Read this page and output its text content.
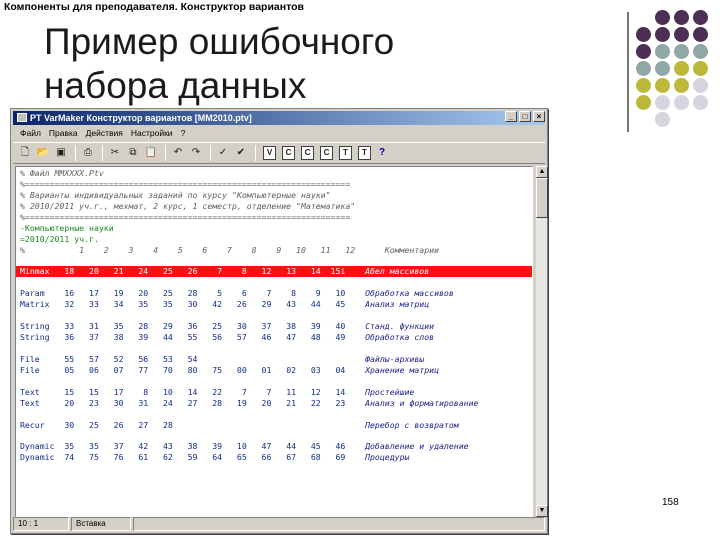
Компоненты для преподавателя. Конструктор вариантов
Пример ошибочного
набора данных
PT VarMaker Конструктор вариантов [MM2010.ptv]	_	□	×
Файл Правка Действия Настройки ?
🗋 📂 ▣	⎙	✂	⧉ 📋	↶ ↷	✓ ✔	V	C	C	C	T	T	?
% Файл MMXXXX.Ptv
%==================================================================
% Варианты индивидуальных заданий по курсу "Компьютерные науки"
% 2010/2011 уч.г., мехмат, 2 курс, 1 семестр, отделение "Математика"
%==================================================================
-Компьютерные науки
=2010/2011 уч.г.
%           1    2    3    4    5    6    7    8    9   10   11   12      Комментарии
Minmax   18   20   21   24   25   26    7    8   12   13   14  15i    Абел массивов

Param    16   17   19   20   25   28    5    6    7    8    9   10    Обработка массивов
Matrix   32   33   34   35   35   30   42   26   29   43   44   45    Анализ матриц

String   33   31   35   28   29   36   25   30   37   38   39   40    Станд. функции
String   36   37   38   39   44   55   56   57   46   47   48   49    Обработка слов

File     55   57   52   56   53   54                                  Файлы-архивы
File     05   06   07   77   70   80   75   00   01   02   03   04    Хранение матриц

Text     15   15   17    8   10   14   22    7    7   11   12   14    Простейшие
Text     20   23   30   31   24   27   28   19   20   21   22   23    Анализ и форматирование

Recur    30   25   26   27   28                                       Перебор с возвратом

Dynamic  35   35   37   42   43   38   39   10   47   44   45   46    Добавление и удаление
Dynamic  74   75   76   61   62   59   64   65   66   67   68   69    Процедуры
▲
▼
10 : 1	Вставка
158
